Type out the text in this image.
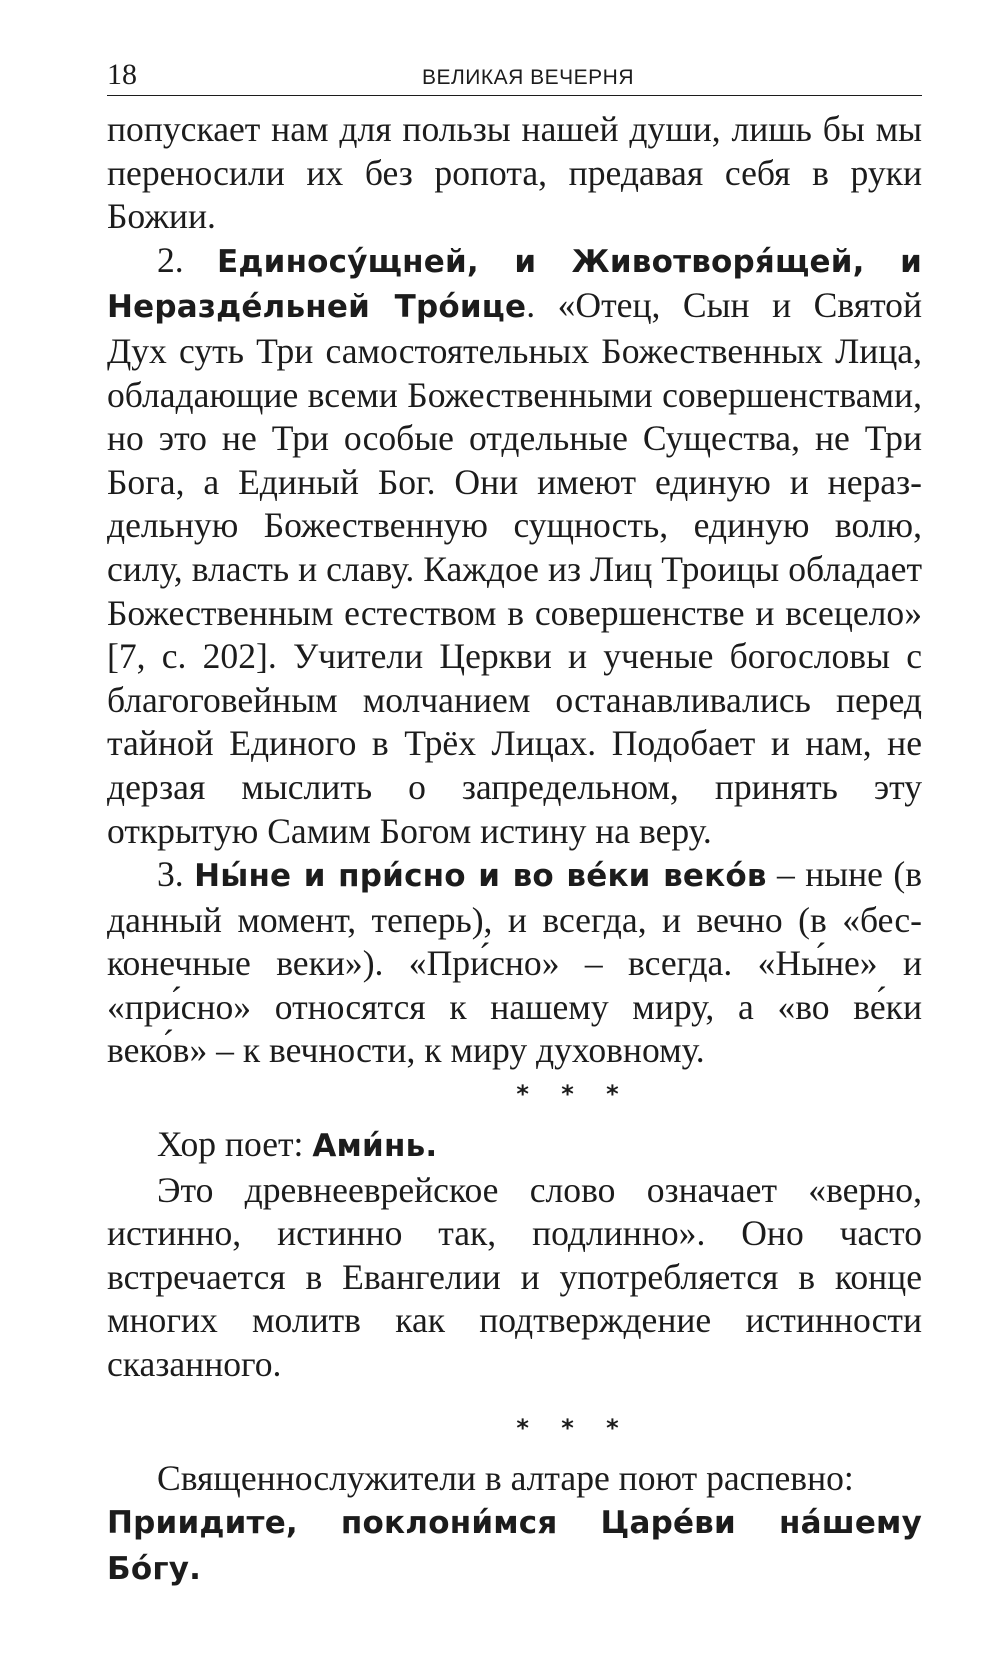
18	ВЕЛИКАЯ ВЕЧЕРНЯ

попускает нам для пользы нашей души, лишь бы мы переносили их без ропота, предавая себя в руки Божии.

2. Единосу́щней, и Животворя́щей, и Неразде́льней Тро́ице. «Отец, Сын и Святой Дух суть Три самостоятельных Божественных Лица, обладающие всеми Божественными совершенствами, но это не Три особые отдельные Существа, не Три Бога, а Единый Бог. Они имеют единую и нераздельную Божественную сущность, единую волю, силу, власть и славу. Каждое из Лиц Троицы обладает Божественным естеством в совершенстве и всецело» [7, с. 202]. Учители Церкви и ученые богословы с благоговейным молчанием останавливались перед тайной Единого в Трёх Лицах. Подобает и нам, не дерзая мыслить о запредельном, принять эту открытую Самим Богом истину на веру.

3. Ны́не и при́сно и во ве́ки веко́в – ныне (в данный момент, теперь), и всегда, и вечно (в «бесконечные веки»). «При́сно» – всегда. «Ны́не» и «при́сно» относятся к нашему миру, а «во ве́ки веко́в» – к вечности, к миру духовному.

* * *

Хор поет: Ами́нь.

Это древнееврейское слово означает «верно, истинно, истинно так, подлинно». Оно часто встречается в Евангелии и употребляется в конце многих молитв как подтверждение истинности сказанного.

* * *

Священнослужители в алтаре поют распевно:

Приидите, поклони́мся Царе́ви на́шему Бо́гу.
